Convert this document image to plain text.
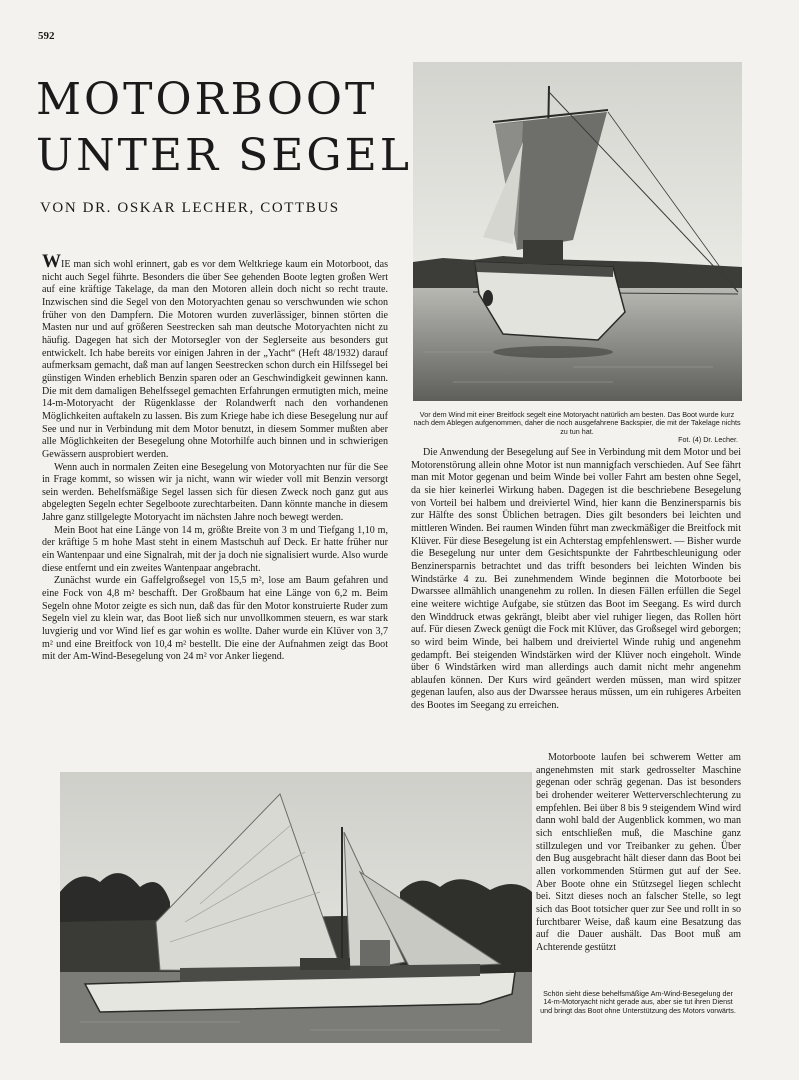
592
MOTORBOOT
UNTER SEGEL
VON DR. OSKAR LECHER, COTTBUS
Vor dem Wind mit einer Breitfock segelt eine Motoryacht natürlich am besten. Das Boot wurde kurz nach dem Ablegen aufgenommen, daher die noch ausgefahrene Backspier, die mit der Takelage nichts zu tun hat.
Fot. (4) Dr. Lecher.

WIE man sich wohl erinnert, gab es vor dem Weltkriege kaum ein Motorboot, das nicht auch Segel führte. Besonders die über See gehenden Boote legten großen Wert auf eine kräftige Takelage, da man den Motoren allein doch nicht so recht traute. Inzwischen sind die Segel von den Motoryachten genau so verschwunden wie schon früher von den Dampfern. Die Motoren wurden zuverlässiger, binnen störten die Masten nur und auf größeren Seestrecken sah man deutsche Motoryachten nicht zu häufig. Dagegen hat sich der Motorsegler von der Seglerseite aus besonders gut entwickelt. Ich habe bereits vor einigen Jahren in der „Yacht“ (Heft 48/1932) darauf aufmerksam gemacht, daß man auf langen Seestrecken schon durch ein Hilfssegel bei günstigen Winden erheblich Benzin sparen oder an Geschwindigkeit gewinnen kann. Die mit dem damaligen Behelfssegel gemachten Erfahrungen ermutigten mich, meine 14-m-Motoryacht der Rügenklasse der Rolandwerft nach den vorhandenen Möglichkeiten auftakeln zu lassen. Bis zum Kriege habe ich diese Besegelung nur auf See und nur in Verbindung mit dem Motor benutzt, in diesem Sommer mußten aber alle Möglichkeiten der Besegelung ohne Motorhilfe auch binnen und in schwierigen Gewässern ausprobiert werden.

Wenn auch in normalen Zeiten eine Besegelung von Motoryachten nur für die See in Frage kommt, so wissen wir ja nicht, wann wir wieder voll mit Benzin versorgt sein werden. Behelfsmäßige Segel lassen sich für diesen Zweck noch ganz gut aus abgelegten Segeln echter Segelboote zurechtarbeiten. Dann könnte manche in diesem Jahre ganz stillgelegte Motoryacht im nächsten Jahre noch bewegt werden.

Mein Boot hat eine Länge von 14 m, größte Breite von 3 m und Tiefgang 1,10 m, der kräftige 5 m hohe Mast steht in einem Mastschuh auf Deck. Er hatte früher nur ein Wantenpaar und eine Signalrah, mit der ja doch nie signalisiert wurde. Also wurde diese entfernt und ein zweites Wantenpaar angebracht.

Zunächst wurde ein Gaffelgroßsegel von 15,5 m², lose am Baum gefahren und eine Fock von 4,8 m² beschafft. Der Großbaum hat eine Länge von 6,2 m. Beim Segeln ohne Motor zeigte es sich nun, daß das für den Motor konstruierte Ruder zum Segeln viel zu klein war, das Boot ließ sich nur unvollkommen steuern, es war stark luvgierig und vor Wind lief es gar wohin es wollte. Daher wurde ein Klüver von 3,7 m² und eine Breitfock von 10,4 m² bestellt. Die eine der Aufnahmen zeigt das Boot mit der Am-Wind-Besegelung von 24 m² vor Anker liegend.

Die Anwendung der Besegelung auf See in Verbindung mit dem Motor und bei Motorenstörung allein ohne Motor ist nun mannigfach verschieden. Auf See fährt man mit Motor gegenan und beim Winde bei voller Fahrt am besten ohne Segel, da sie hier keinerlei Wirkung haben. Dagegen ist die beschriebene Besegelung von Vorteil bei halbem und dreiviertel Wind, hier kann die Benzinersparnis bis zur Hälfte des sonst Üblichen betragen. Dies gilt besonders bei leichten und mittleren Winden. Bei raumen Winden führt man zweckmäßiger die Breitfock mit Klüver. Für diese Besegelung ist ein Achterstag empfehlenswert. — Bisher wurde die Besegelung nur unter dem Gesichtspunkte der Fahrtbeschleunigung oder Benzinersparnis betrachtet und das trifft besonders bei leichten Winden bis Windstärke 4 zu. Bei zunehmendem Winde beginnen die Motorboote bei Dwarssee allmählich unangenehm zu rollen. In diesen Fällen erfüllen die Segel eine weitere wichtige Aufgabe, sie stützen das Boot im Seegang. Es wird durch den Winddruck etwas gekrängt, bleibt aber viel ruhiger liegen, das Rollen hört auf. Für diesen Zweck genügt die Fock mit Klüver, das Großsegel wird geborgen; so wird beim Winde, bei halbem und dreiviertel Winde ruhig und angenehm gedampft. Bei steigenden Windstärken wird der Klüver noch eingeholt. Winde über 6 Windstärken wird man allerdings auch damit nicht mehr angenehm ablaufen können. Der Kurs wird geändert werden müssen, man wird spitzer gegenan laufen, also aus der Dwarssee heraus müssen, um ein ruhigeres Arbeiten des Bootes im Seegang zu erreichen.

Motorboote laufen bei schwerem Wetter am angenehmsten mit stark gedrosselter Maschine gegenan oder schräg gegenan. Das ist besonders bei drohender weiterer Wetterverschlechterung zu empfehlen. Bei über 8 bis 9 steigendem Wind wird dann wohl bald der Augenblick kommen, wo man sich entschließen muß, die Maschine ganz stillzulegen und vor Treibanker zu gehen. Über den Bug ausgebracht hält dieser dann das Boot bei allen vorkommenden Stürmen gut auf der See. Aber Boote ohne ein Stützsegel liegen schlecht bei. Sitzt dieses noch an falscher Stelle, so legt sich das Boot totsicher quer zur See und rollt in so furchtbarer Weise, daß kaum eine Besatzung das auf die Dauer aushält. Das Boot muß am Achterende gestützt

Schön sieht diese behelfsmäßige Am-Wind-Besegelung der 14-m-Motoryacht nicht gerade aus, aber sie tut ihren Dienst und bringt das Boot ohne Unterstützung des Motors vorwärts.
